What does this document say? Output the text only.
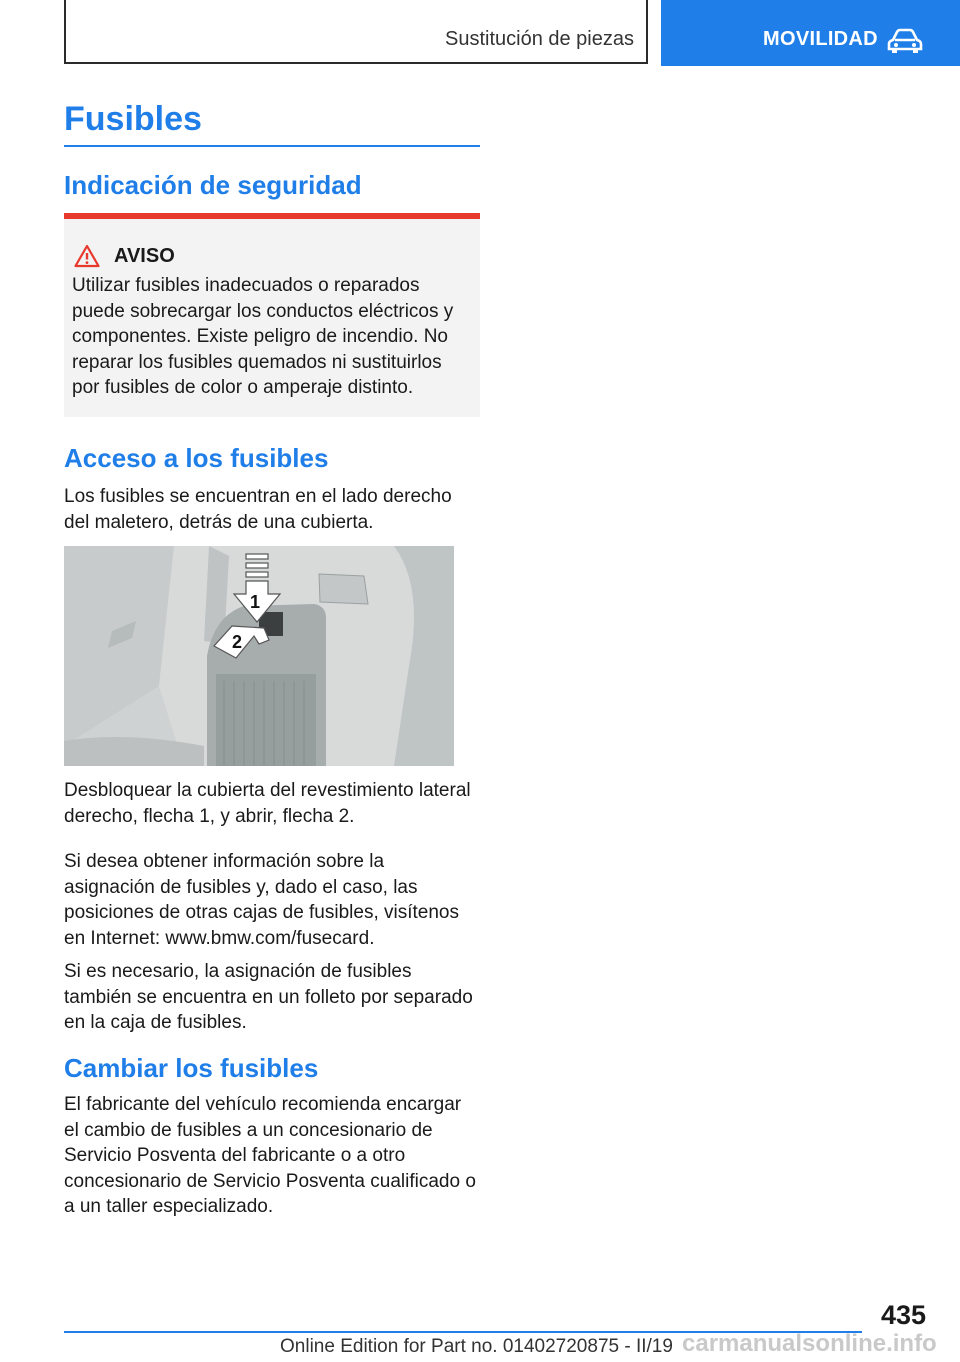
Sustitución de piezas	MOVILIDAD
Fusibles
Indicación de seguridad
AVISO

Utilizar fusibles inadecuados o reparados puede sobrecargar los conductos eléctricos y componentes. Existe peligro de incendio. No reparar los fusibles quemados ni sustituirlos por fusibles de color o amperaje distinto.

Acceso a los fusibles

Los fusibles se encuentran en el lado derecho del maletero, detrás de una cubierta.

1
2

Desbloquear la cubierta del revestimiento lateral derecho, flecha 1, y abrir, flecha 2.

Si desea obtener información sobre la asignación de fusibles y, dado el caso, las posiciones de otras cajas de fusibles, visítenos en Internet: www.bmw.com/fusecard.

Si es necesario, la asignación de fusibles también se encuentra en un folleto por separado en la caja de fusibles.

Cambiar los fusibles

El fabricante del vehículo recomienda encargar el cambio de fusibles a un concesionario de Servicio Posventa del fabricante o a otro concesionario de Servicio Posventa cualificado o a un taller especializado.

435
Online Edition for Part no. 01402720875 - II/19 carmanualsonline.info
